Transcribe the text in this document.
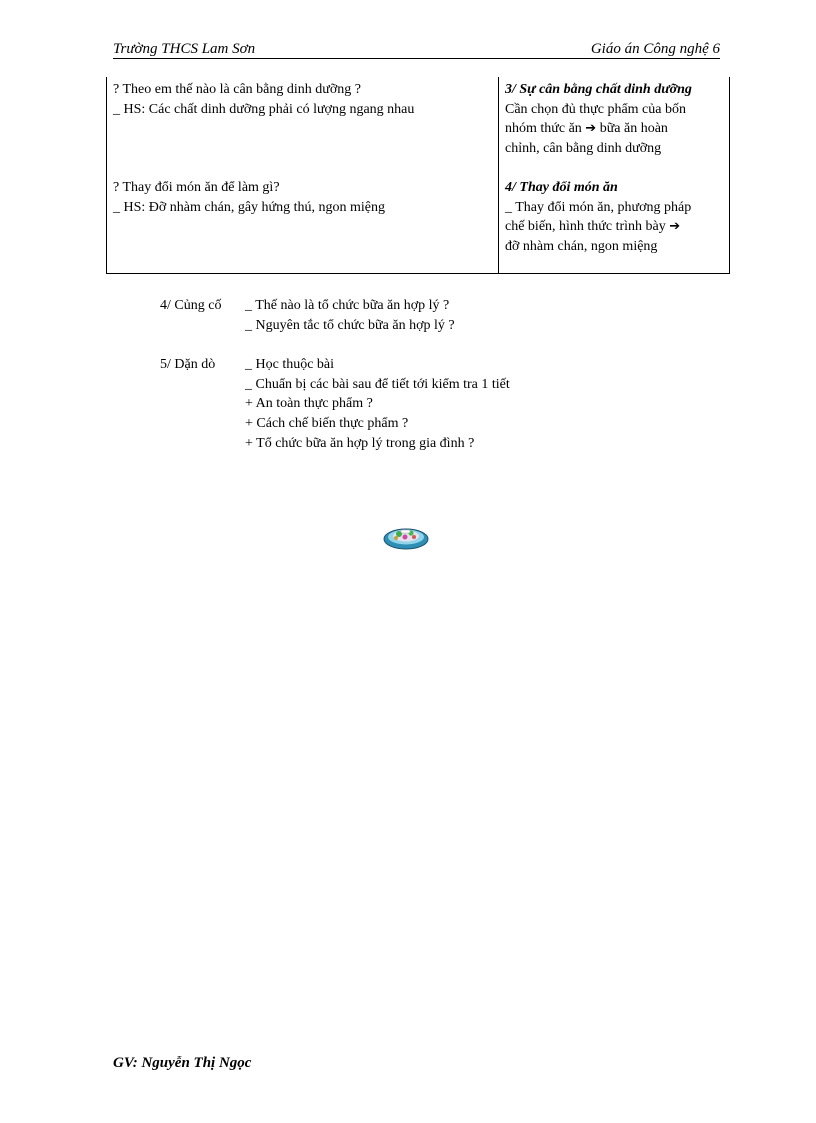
Trường THCS Lam Sơn	Giáo án Công nghệ 6
? Theo em thế nào là cân bằng dinh dưỡng ?
_ HS: Các chất dinh dưỡng phải có lượng ngang nhau
3/ Sự cân bằng chất dinh dưỡng
Cần chọn đủ thực phẩm của bốn
nhóm thức ăn ➔ bữa ăn hoàn
chỉnh, cân bằng dinh dưỡng
? Thay đổi món ăn để làm gì?
_ HS: Đỡ nhàm chán, gây hứng thú, ngon miệng
4/ Thay đổi món ăn
_ Thay đổi món ăn, phương pháp
chế biến, hình thức trình bày ➔
đỡ nhàm chán, ngon miệng
4/ Củng cố _ Thế nào là tổ chức bữa ăn hợp lý ?
_ Nguyên tắc tổ chức bữa ăn hợp lý ?
5/ Dặn dò _ Học thuộc bài
_ Chuẩn bị các bài sau để tiết tới kiểm tra 1 tiết
+ An toàn thực phẩm ?
+ Cách chế biến thực phẩm ?
+ Tổ chức bữa ăn hợp lý trong gia đình ?
GV: Nguyễn Thị Ngọc
